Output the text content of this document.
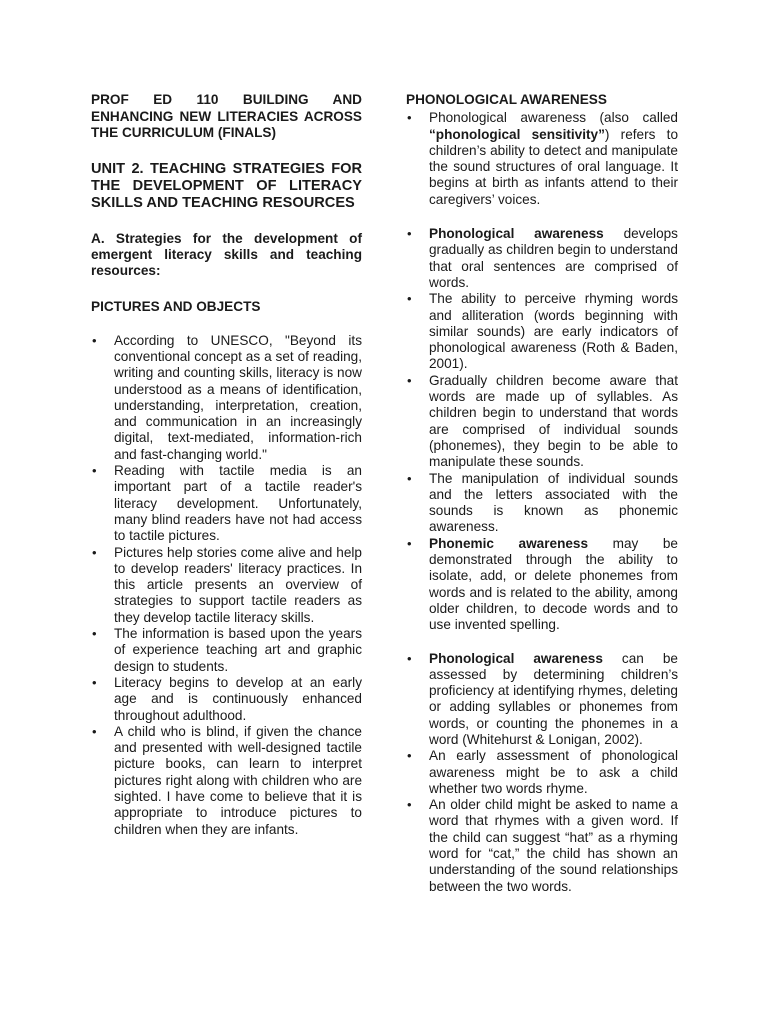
PROF ED 110 BUILDING AND ENHANCING NEW LITERACIES ACROSS THE CURRICULUM (FINALS)

UNIT 2. TEACHING STRATEGIES FOR THE DEVELOPMENT OF LITERACY SKILLS AND TEACHING RESOURCES

A. Strategies for the development of emergent literacy skills and teaching resources:

PICTURES AND OBJECTS

• According to UNESCO, "Beyond its conventional concept as a set of reading, writing and counting skills, literacy is now understood as a means of identification, understanding, interpretation, creation, and communication in an increasingly digital, text-mediated, information-rich and fast-changing world."
• Reading with tactile media is an important part of a tactile reader's literacy development. Unfortunately, many blind readers have not had access to tactile pictures.
• Pictures help stories come alive and help to develop readers' literacy practices. In this article presents an overview of strategies to support tactile readers as they develop tactile literacy skills.
• The information is based upon the years of experience teaching art and graphic design to students.
• Literacy begins to develop at an early age and is continuously enhanced throughout adulthood.
• A child who is blind, if given the chance and presented with well-designed tactile picture books, can learn to interpret pictures right along with children who are sighted. I have come to believe that it is appropriate to introduce pictures to children when they are infants.

PHONOLOGICAL AWARENESS

• Phonological awareness (also called “phonological sensitivity”) refers to children’s ability to detect and manipulate the sound structures of oral language. It begins at birth as infants attend to their caregivers’ voices.
• Phonological awareness develops gradually as children begin to understand that oral sentences are comprised of words.
• The ability to perceive rhyming words and alliteration (words beginning with similar sounds) are early indicators of phonological awareness (Roth & Baden, 2001).
• Gradually children become aware that words are made up of syllables. As children begin to understand that words are comprised of individual sounds (phonemes), they begin to be able to manipulate these sounds.
• The manipulation of individual sounds and the letters associated with the sounds is known as phonemic awareness.
• Phonemic awareness may be demonstrated through the ability to isolate, add, or delete phonemes from words and is related to the ability, among older children, to decode words and to use invented spelling.
• Phonological awareness can be assessed by determining children’s proficiency at identifying rhymes, deleting or adding syllables or phonemes from words, or counting the phonemes in a word (Whitehurst & Lonigan, 2002).
• An early assessment of phonological awareness might be to ask a child whether two words rhyme.
• An older child might be asked to name a word that rhymes with a given word. If the child can suggest “hat” as a rhyming word for “cat,” the child has shown an understanding of the sound relationships between the two words.
